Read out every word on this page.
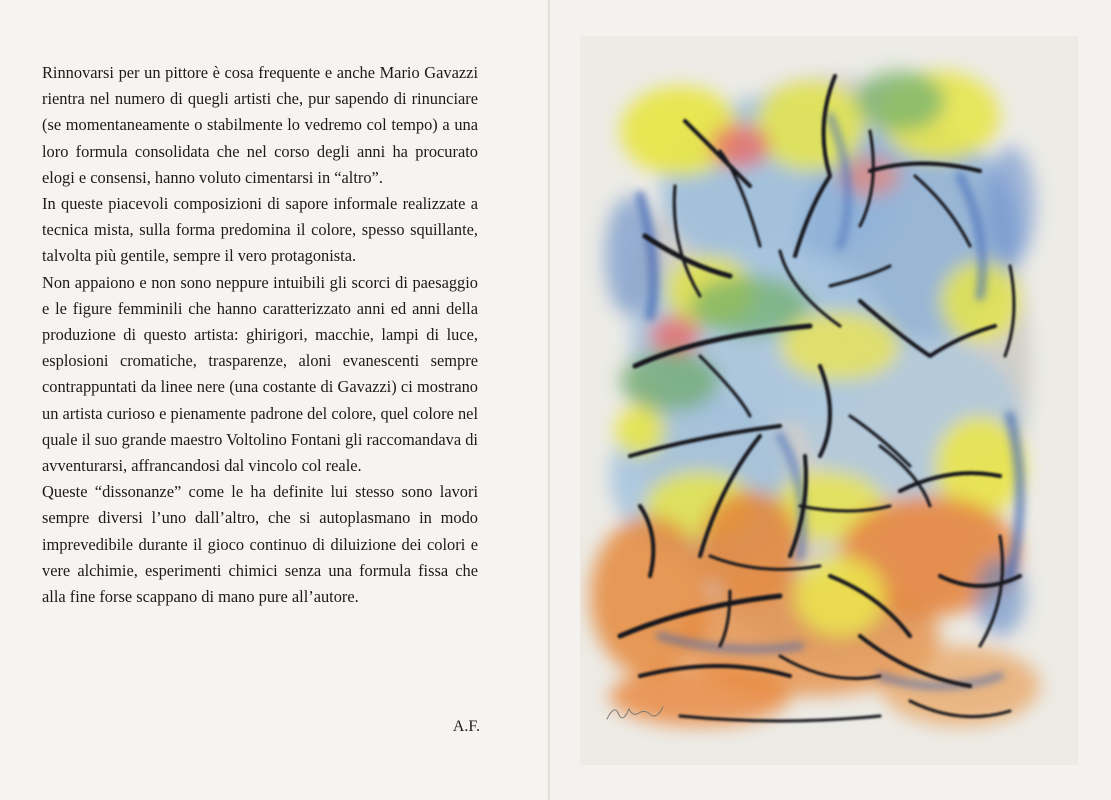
Rinnovarsi per un pittore è cosa frequente e anche Mario Gavazzi rientra nel numero di quegli artisti che, pur sapendo di rinunciare (se momentaneamente o stabilmente lo vedremo col tempo) a una loro formula consolidata che nel corso degli anni ha procurato elogi e consensi, hanno voluto cimentarsi in “altro”.

In queste piacevoli composizioni di sapore informale realizzate a tecnica mista, sulla forma predomina il colore, spesso squillante, talvolta più gentile, sempre il vero protagonista.

Non appaiono e non sono neppure intuibili gli scorci di paesaggio e le figure femminili che hanno caratterizzato anni ed anni della produzione di questo artista: ghirigori, macchie, lampi di luce, esplosioni cromatiche, trasparenze, aloni evanescenti sempre contrappuntati da linee nere (una costante di Gavazzi) ci mostrano un artista curioso e pienamente padrone del colore, quel colore nel quale il suo grande maestro Voltolino Fontani gli raccomandava di avventurarsi, affrancandosi dal vincolo col reale.

Queste “dissonanze” come le ha definite lui stesso sono lavori sempre diversi l’uno dall’altro, che si autoplasmano in modo imprevedibile durante il gioco continuo di diluizione dei colori e vere alchimie, esperimenti chimici senza una formula fissa che alla fine forse scappano di mano pure all’autore.

A.F.
